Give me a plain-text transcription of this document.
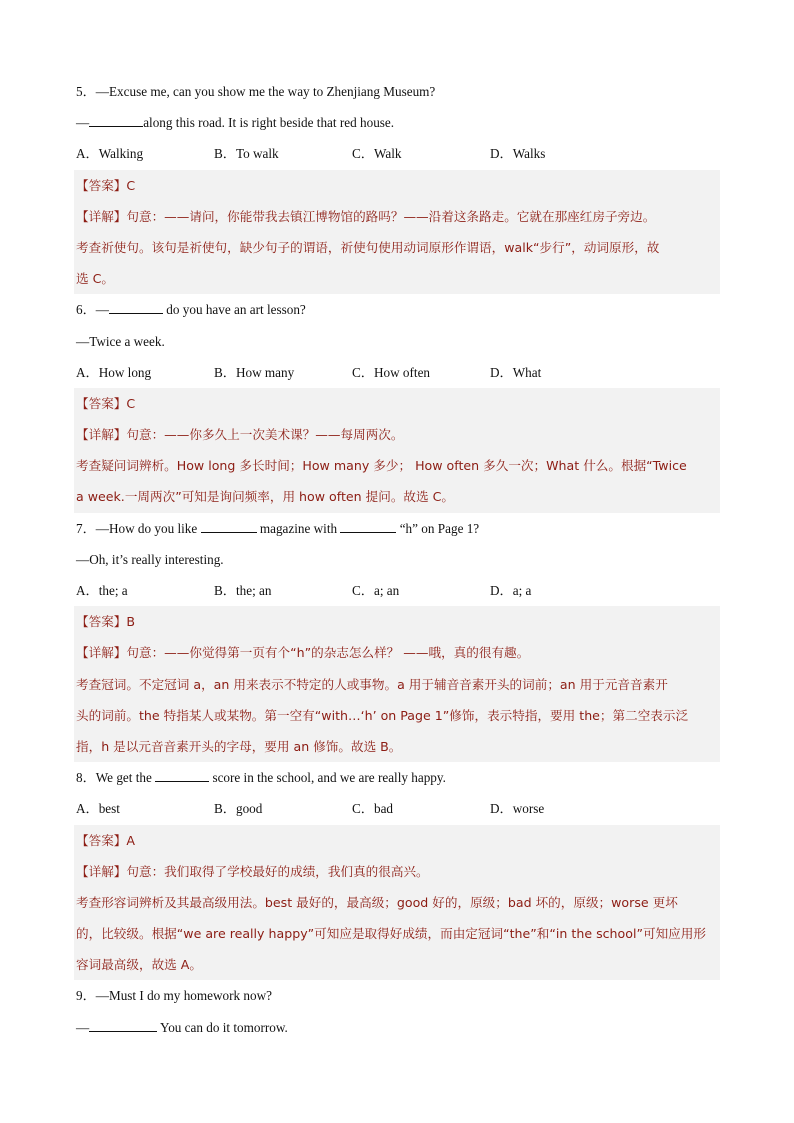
5．—Excuse me, can you show me the way to Zhenjiang Museum?
—	along this road. It is right beside that red house.
A．Walking	B．To walk	C．Walk	D．Walks
【答案】C
【详解】句意：——请问，你能带我去镇江博物馆的路吗？——沿着这条路走。它就在那座红房子旁边。
考查祈使句。该句是祈使句，缺少句子的谓语，祈使句使用动词原形作谓语，walk“步行”，动词原形，故
选 C。
6．—	do you have an art lesson?
—Twice a week.
A．How long	B．How many	C．How often	D．What
【答案】C
【详解】句意：——你多久上一次美术课？——每周两次。
考查疑问词辨析。How long 多长时间；How many 多少； How often 多久一次；What 什么。根据“Twice
a week.一周两次”可知是询问频率，用 how often 提问。故选 C。
7．—How do you like	magazine with	“h” on Page 1?
—Oh, it’s really interesting.
A．the; a	B．the; an	C．a; an	D．a; a
【答案】B
【详解】句意：——你觉得第一页有个“h”的杂志怎么样？ ——哦，真的很有趣。
考查冠词。不定冠词 a，an 用来表示不特定的人或事物。a 用于辅音音素开头的词前；an 用于元音音素开
头的词前。the 特指某人或某物。第一空有“with…‘h’ on Page 1”修饰，表示特指，要用 the；第二空表示泛
指，h 是以元音音素开头的字母，要用 an 修饰。故选 B。
8．We get the	score in the school, and we are really happy.
A．best	B．good	C．bad	D．worse
【答案】A
【详解】句意：我们取得了学校最好的成绩，我们真的很高兴。
考查形容词辨析及其最高级用法。best 最好的，最高级；good 好的，原级；bad 坏的，原级；worse 更坏
的，比较级。根据“we are really happy”可知应是取得好成绩，而由定冠词“the”和“in the school”可知应用形
容词最高级，故选 A。
9．—Must I do my homework now?
—	You can do it tomorrow.
